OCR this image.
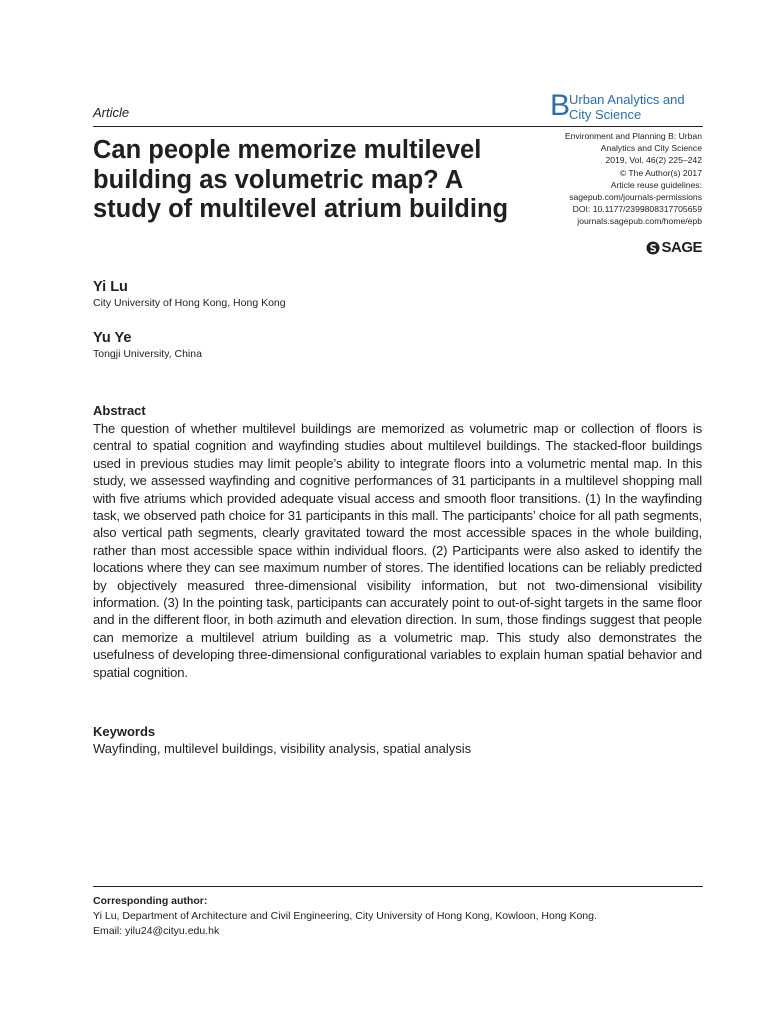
Article	B
Urban Analytics and
City Science
Environment and Planning B: Urban
Analytics and City Science
2019, Vol. 46(2) 225–242
© The Author(s) 2017
Article reuse guidelines:
sagepub.com/journals-permissions
DOI: 10.1177/2399808317705659
journals.sagepub.com/home/epb
SAGE
Can people memorize multilevel building as volumetric map? A study of multilevel atrium building
Yi Lu
City University of Hong Kong, Hong Kong
Yu Ye
Tongji University, China
Abstract
The question of whether multilevel buildings are memorized as volumetric map or collection of floors is central to spatial cognition and wayfinding studies about multilevel buildings. The stacked-floor buildings used in previous studies may limit people’s ability to integrate floors into a volumetric mental map. In this study, we assessed wayfinding and cognitive performances of 31 participants in a multilevel shopping mall with five atriums which provided adequate visual access and smooth floor transitions. (1) In the wayfinding task, we observed path choice for 31 participants in this mall. The participants’ choice for all path segments, also vertical path segments, clearly gravitated toward the most accessible spaces in the whole building, rather than most accessible space within individual floors. (2) Participants were also asked to identify the locations where they can see maximum number of stores. The identified locations can be reliably predicted by objectively measured three-dimensional visibility information, but not two-dimensional visibility information. (3) In the pointing task, participants can accurately point to out-of-sight targets in the same floor and in the different floor, in both azimuth and elevation direction. In sum, those findings suggest that people can memorize a multilevel atrium building as a volumetric map. This study also demonstrates the usefulness of developing three-dimensional configurational variables to explain human spatial behavior and spatial cognition.
Keywords
Wayfinding, multilevel buildings, visibility analysis, spatial analysis
Corresponding author:
Yi Lu, Department of Architecture and Civil Engineering, City University of Hong Kong, Kowloon, Hong Kong.
Email: yilu24@cityu.edu.hk
